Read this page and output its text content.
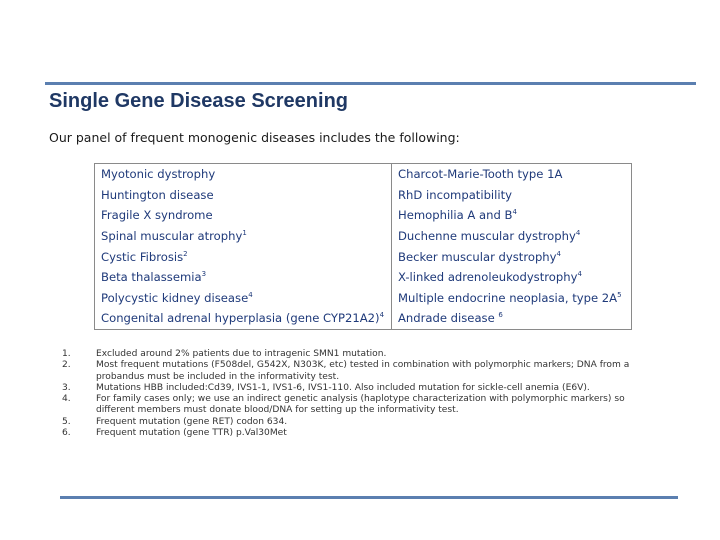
Single Gene Disease Screening
Our panel of frequent monogenic diseases includes the following:
Myotonic dystrophy	Charcot-Marie-Tooth type 1A
Huntington disease	RhD incompatibility
Fragile X syndrome	Hemophilia A and $B^4$
Spinal muscular atrophy$^1$	Duchenne muscular dystrophy$^4$
Cystic Fibrosis$^2$	Becker muscular dystrophy$^4$
Beta thalassemia$^3$	X-linked adrenoleukodystrophy$^4$
Polycystic kidney disease$^4$	Multiple endocrine neoplasia, type $2A^5$
Congenital adrenal hyperplasia (gene CYP21A2)$^4$	Andrade disease $^6$
1.	Excluded around 2% patients due to intragenic SMN1 mutation.
2.	Most frequent mutations (F508del, G542X, N303K, etc) tested in combination with polymorphic markers; DNA from a probandus must be included in the informativity test.
3.	Mutations HBB included:Cd39, IVS1-1, IVS1-6, IVS1-110. Also included mutation for sickle-cell anemia (E6V).
4.	For family cases only; we use an indirect genetic analysis (haplotype characterization with polymorphic markers) so different members must donate blood/DNA for setting up the informativity test.
5.	Frequent mutation (gene RET) codon 634.
6.	Frequent mutation (gene TTR) p.Val30Met
